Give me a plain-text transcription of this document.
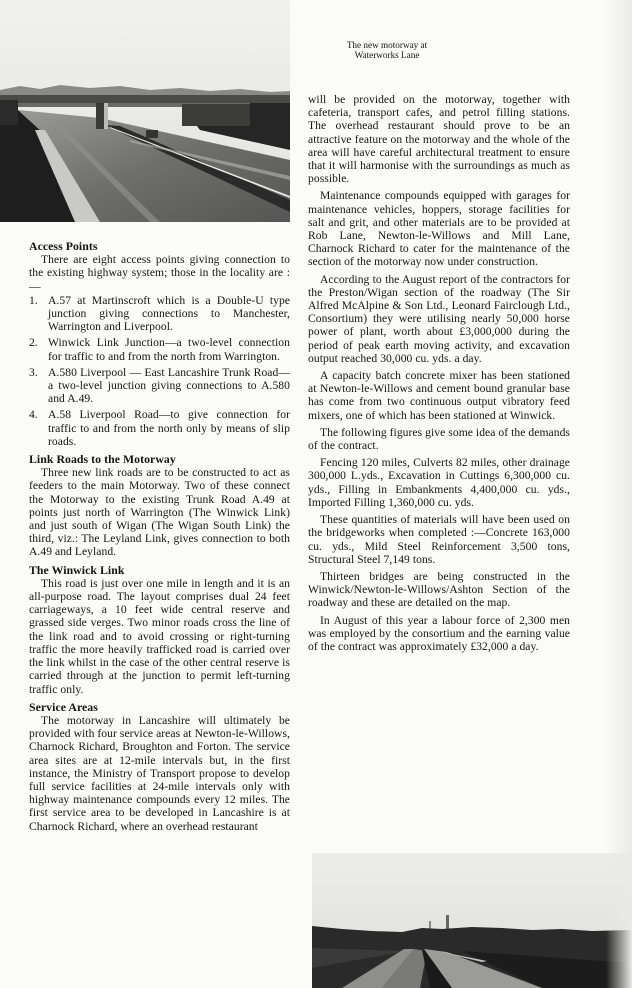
The new motorway at
Waterworks Lane
Access Points

There are eight access points giving connection to the existing highway system; those in the locality are :—

1. A.57 at Martinscroft which is a Double-U type junction giving connections to Manchester, Warrington and Liverpool.
2. Winwick Link Junction—a two-level connection for traffic to and from the north from Warrington.
3. A.580 Liverpool — East Lancashire Trunk Road—a two-level junction giving connections to A.580 and A.49.
4. A.58 Liverpool Road—to give connection for traffic to and from the north only by means of slip roads.
Link Roads to the Motorway

Three new link roads are to be constructed to act as feeders to the main Motorway. Two of these connect the Motorway to the existing Trunk Road A.49 at points just north of Warrington (The Winwick Link) and just south of Wigan (The Wigan South Link) the third, viz.: The Leyland Link, gives connection to both A.49 and Leyland.

The Winwick Link

This road is just over one mile in length and it is an all-purpose road. The layout comprises dual 24 feet carriageways, a 10 feet wide central reserve and grassed side verges. Two minor roads cross the line of the link road and to avoid crossing or right-turning traffic the more heavily trafficked road is carried over the link whilst in the case of the other central reserve is carried through at the junction to permit left-turning traffic only.

Service Areas

The motorway in Lancashire will ultimately be provided with four service areas at Newton-le-Willows, Charnock Richard, Broughton and Forton. The service area sites are at 12-mile intervals but, in the first instance, the Ministry of Transport propose to develop full service facilities at 24-mile intervals only with highway maintenance compounds every 12 miles. The first service area to be developed in Lancashire is at Charnock Richard, where an overhead restaurant

will be provided on the motorway, together with cafeteria, transport cafes, and petrol filling stations. The overhead restaurant should prove to be an attractive feature on the motorway and the whole of the area will have careful architectural treatment to ensure that it will harmonise with the surroundings as much as possible.

Maintenance compounds equipped with garages for maintenance vehicles, hoppers, storage facilities for salt and grit, and other materials are to be provided at Rob Lane, Newton-le-Willows and Mill Lane, Charnock Richard to cater for the maintenance of the section of the motorway now under construction.

According to the August report of the contractors for the Preston/Wigan section of the roadway (The Sir Alfred McAlpine & Son Ltd., Leonard Fairclough Ltd., Consortium) they were utilising nearly 50,000 horse power of plant, worth about £3,000,000 during the period of peak earth moving activity, and excavation output reached 30,000 cu. yds. a day.

A capacity batch concrete mixer has been stationed at Newton-le-Willows and cement bound granular base has come from two continuous output vibratory feed mixers, one of which has been stationed at Winwick.

The following figures give some idea of the demands of the contract.

Fencing 120 miles, Culverts 82 miles, other drainage 300,000 L.yds., Excavation in Cuttings 6,300,000 cu. yds., Filling in Embankments 4,400,000 cu. yds., Imported Filling 1,360,000 cu. yds.

These quantities of materials will have been used on the bridgeworks when completed :—Concrete 163,000 cu. yds., Mild Steel Reinforcement 3,500 tons, Structural Steel 7,149 tons.

Thirteen bridges are being constructed in the Winwick/Newton-le-Willows/Ashton Section of the roadway and these are detailed on the map.

In August of this year a labour force of 2,300 men was employed by the consortium and the earning value of the contract was approximately £32,000 a day.
